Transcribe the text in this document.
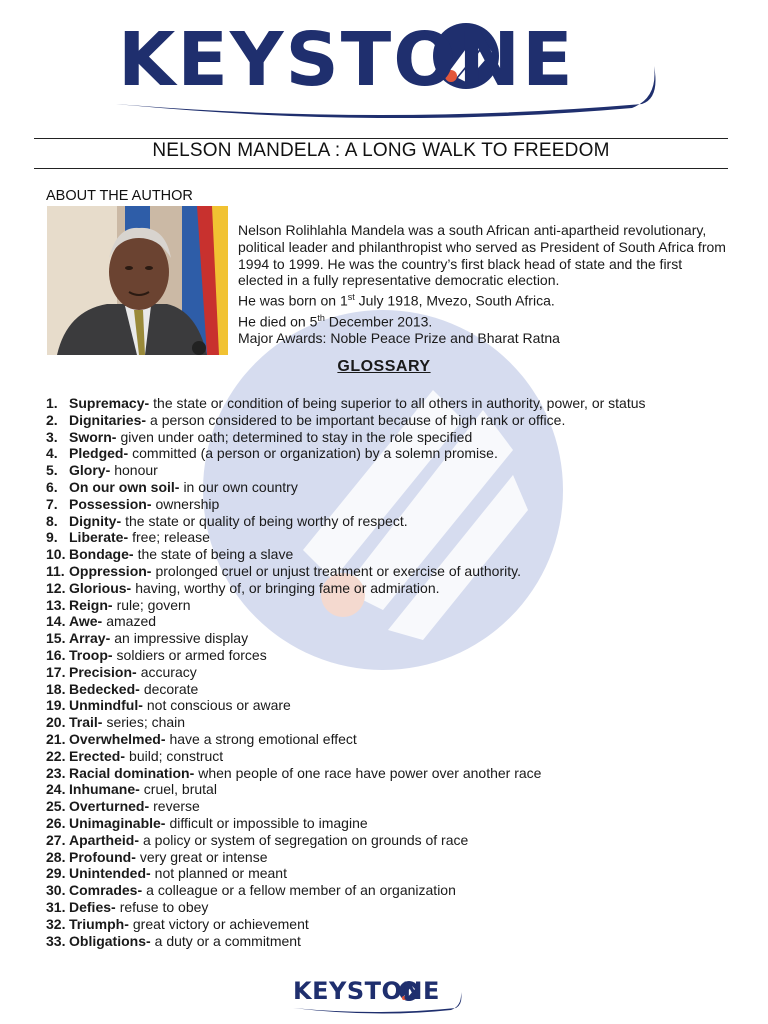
KEYSTONE
NELSON MANDELA : A LONG WALK TO FREEDOM
ABOUT THE AUTHOR

Nelson Rolihlahla Mandela was a south African anti-apartheid revolutionary, political leader and philanthropist who served as President of South Africa from 1994 to 1999. He was the country’s first black head of state and the first elected in a fully representative democratic election.

He was born on 1st July 1918, Mvezo, South Africa.

He died on 5th December 2013.

Major Awards: Noble Peace Prize and Bharat Ratna

GLOSSARY
1. Supremacy- the state or condition of being superior to all others in authority, power, or status
2. Dignitaries- a person considered to be important because of high rank or office.
3. Sworn- given under oath; determined to stay in the role specified
4. Pledged- committed (a person or organization) by a solemn promise.
5. Glory- honour
6. On our own soil- in our own country
7. Possession- ownership
8. Dignity- the state or quality of being worthy of respect.
9. Liberate- free; release
10. Bondage- the state of being a slave
11. Oppression- prolonged cruel or unjust treatment or exercise of authority.
12. Glorious- having, worthy of, or bringing fame or admiration.
13. Reign- rule; govern
14. Awe- amazed
15. Array- an impressive display
16. Troop- soldiers or armed forces
17. Precision- accuracy
18. Bedecked- decorate
19. Unmindful- not conscious or aware
20. Trail- series; chain
21. Overwhelmed- have a strong emotional effect
22. Erected- build; construct
23. Racial domination- when people of one race have power over another race
24. Inhumane- cruel, brutal
25. Overturned- reverse
26. Unimaginable- difficult or impossible to imagine
27. Apartheid- a policy or system of segregation on grounds of race
28. Profound- very great or intense
29. Unintended- not planned or meant
30. Comrades- a colleague or a fellow member of an organization
31. Defies- refuse to obey
32. Triumph- great victory or achievement
33. Obligations- a duty or a commitment
KEYSTONE
